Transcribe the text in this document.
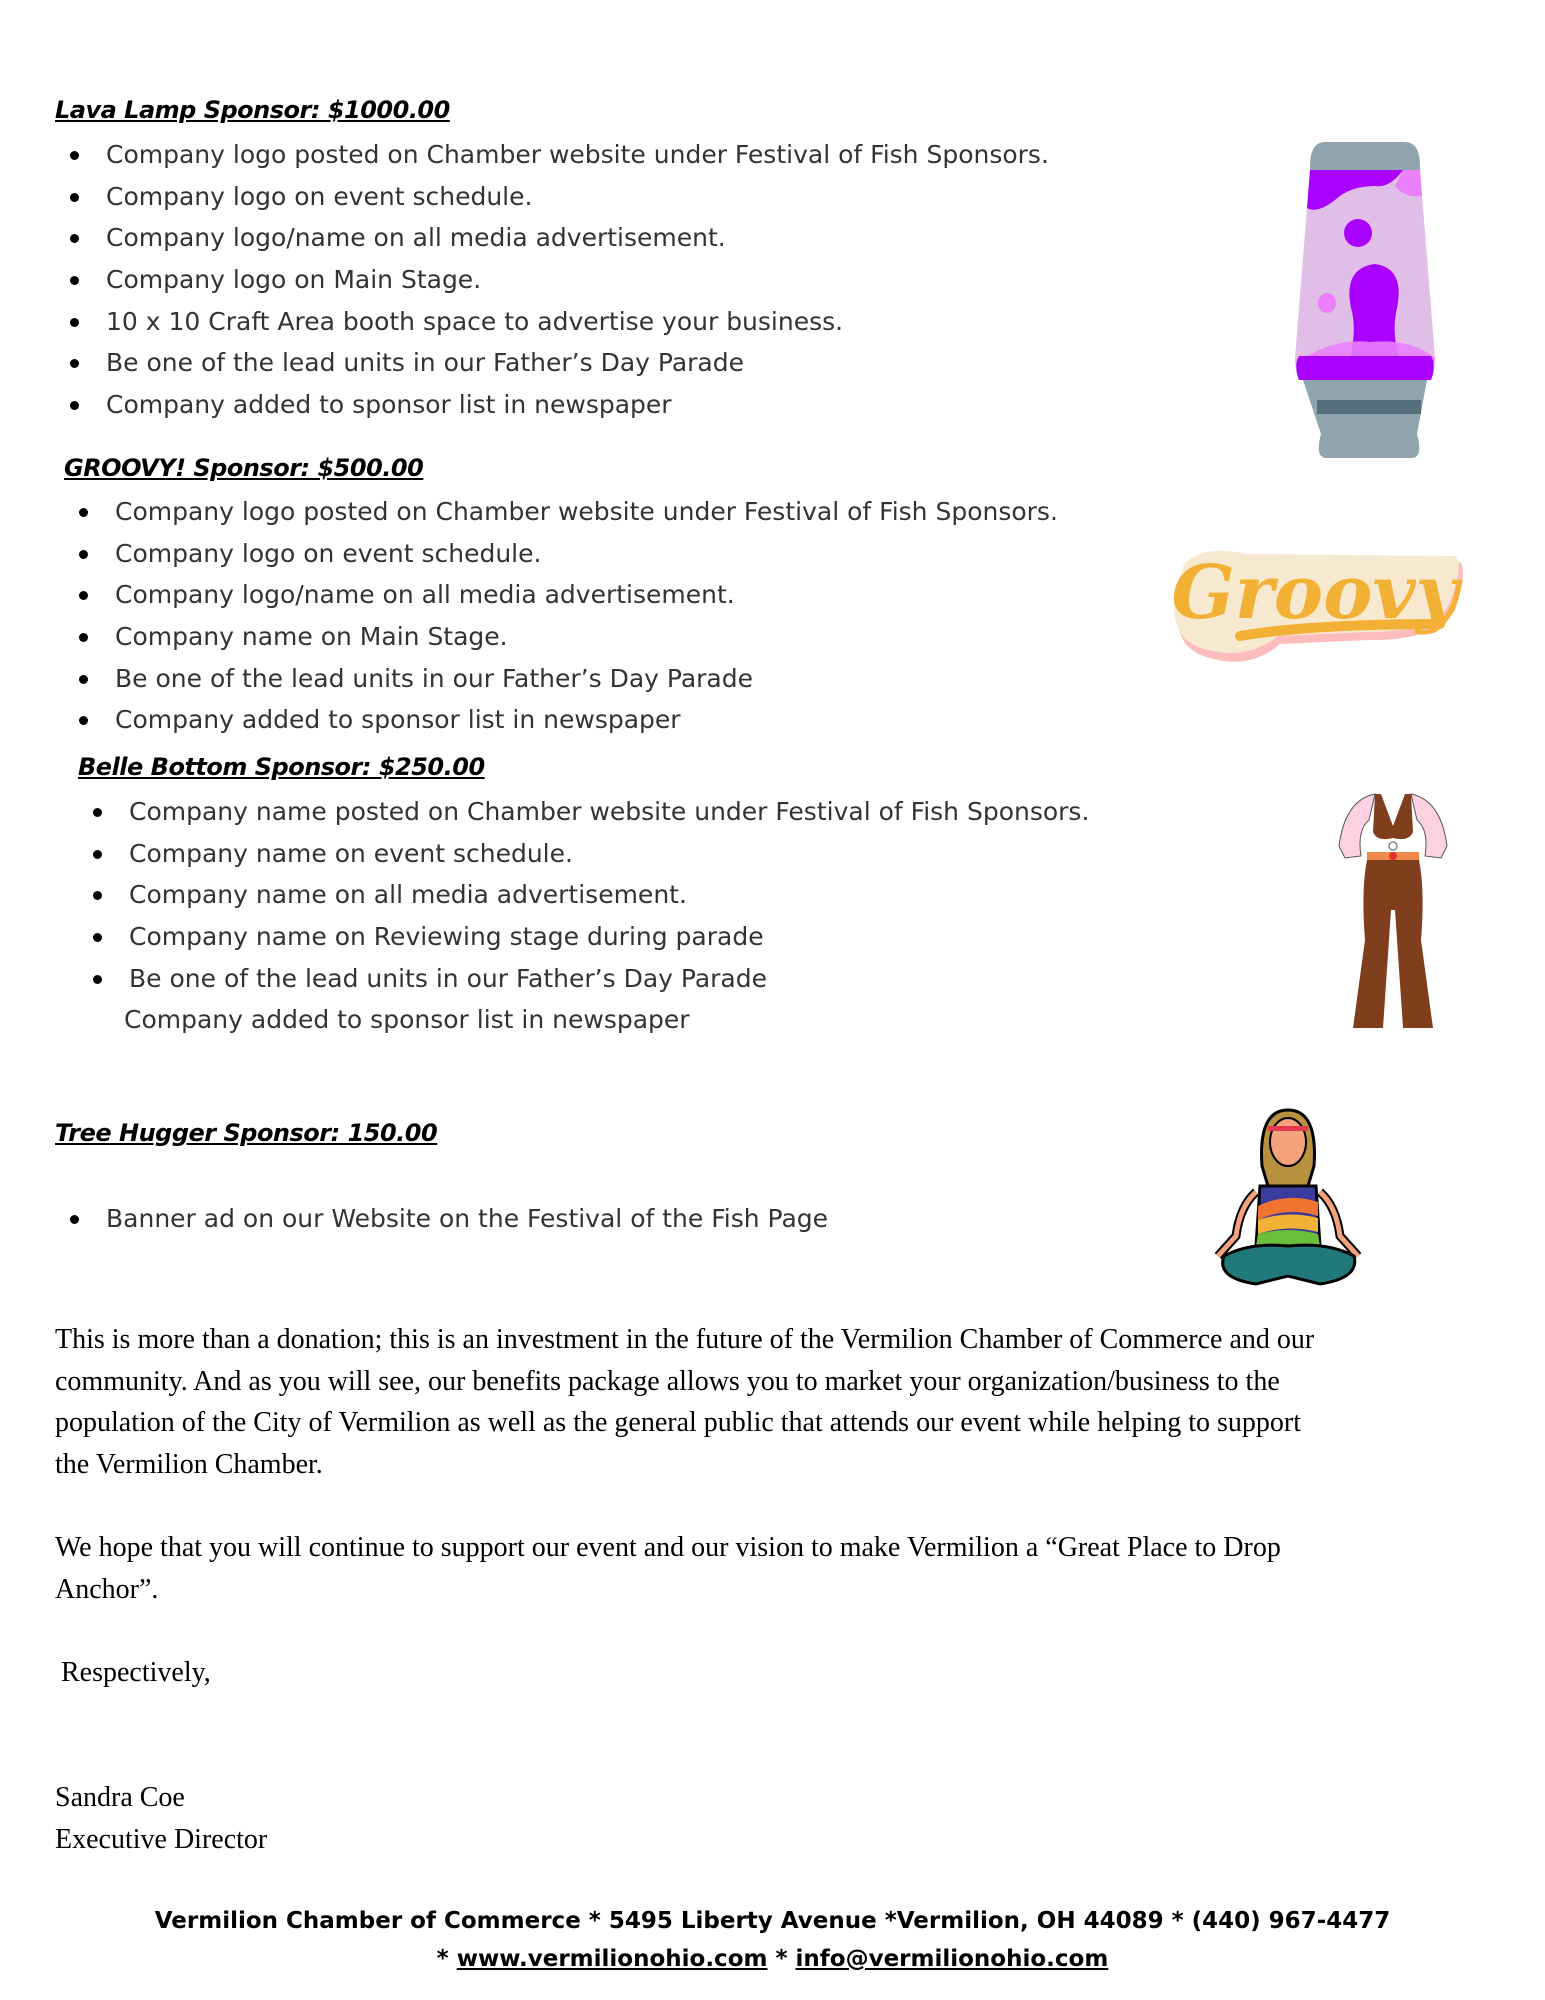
Lava Lamp Sponsor: $1000.00
Company logo posted on Chamber website under Festival of Fish Sponsors.
Company logo on event schedule.
Company logo/name on all media advertisement.
Company logo on Main Stage.
10 x 10 Craft Area booth space to advertise your business.
Be one of the lead units in our Father’s Day Parade
Company added to sponsor list in newspaper
GROOVY! Sponsor: $500.00
Company logo posted on Chamber website under Festival of Fish Sponsors.
Company logo on event schedule.
Company logo/name on all media advertisement.
Company name on Main Stage.
Be one of the lead units in our Father’s Day Parade
Company added to sponsor list in newspaper
Belle Bottom Sponsor: $250.00
Company name posted on Chamber website under Festival of Fish Sponsors.
Company name on event schedule.
Company name on all media advertisement.
Company name on Reviewing stage during parade
Be one of the lead units in our Father’s Day Parade
Company added to sponsor list in newspaper
Tree Hugger Sponsor: 150.00
Banner ad on our Website on the Festival of the Fish Page
This is more than a donation; this is an investment in the future of the Vermilion Chamber of Commerce and our
community. And as you will see, our benefits package allows you to market your organization/business to the
population of the City of Vermilion as well as the general public that attends our event while helping to support
the Vermilion Chamber.
We hope that you will continue to support our event and our vision to make Vermilion a “Great Place to Drop
Anchor”.
Respectively,
Sandra Coe
Executive Director
Vermilion Chamber of Commerce * 5495 Liberty Avenue *Vermilion, OH 44089 * (440) 967-4477
* www.vermilionohio.com * info@vermilionohio.com
Groovy
